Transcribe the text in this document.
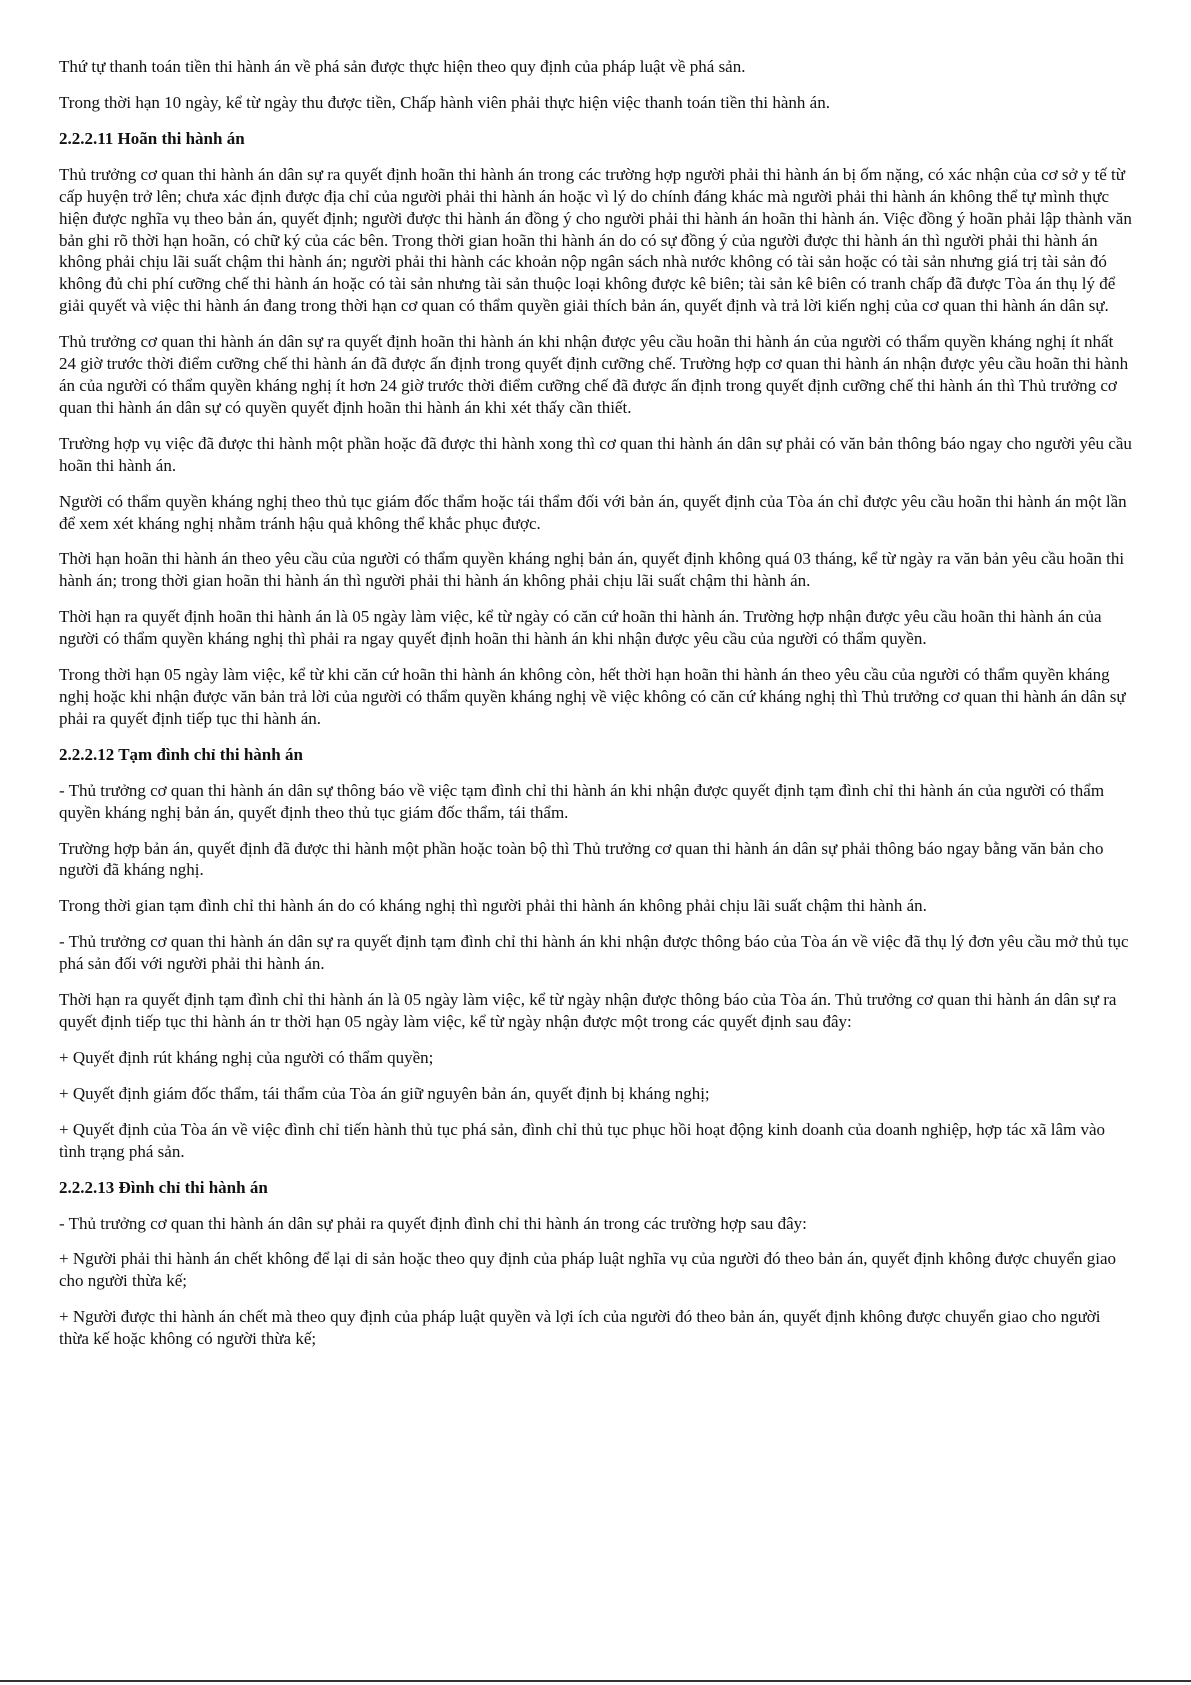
Thứ tự thanh toán tiền thi hành án về phá sản được thực hiện theo quy định của pháp luật về phá sản.

Trong thời hạn 10 ngày, kể từ ngày thu được tiền, Chấp hành viên phải thực hiện việc thanh toán tiền thi hành án.

2.2.2.11 Hoãn thi hành án

Thủ trưởng cơ quan thi hành án dân sự ra quyết định hoãn thi hành án trong các trường hợp người phải thi hành án bị ốm nặng, có xác nhận của cơ sở y tế từ cấp huyện trở lên; chưa xác định được địa chỉ của người phải thi hành án hoặc vì lý do chính đáng khác mà người phải thi hành án không thể tự mình thực hiện được nghĩa vụ theo bản án, quyết định; người được thi hành án đồng ý cho người phải thi hành án hoãn thi hành án. Việc đồng ý hoãn phải lập thành văn bản ghi rõ thời hạn hoãn, có chữ ký của các bên. Trong thời gian hoãn thi hành án do có sự đồng ý của người được thi hành án thì người phải thi hành án không phải chịu lãi suất chậm thi hành án; người phải thi hành các khoản nộp ngân sách nhà nước không có tài sản hoặc có tài sản nhưng giá trị tài sản đó không đủ chi phí cưỡng chế thi hành án hoặc có tài sản nhưng tài sản thuộc loại không được kê biên; tài sản kê biên có tranh chấp đã được Tòa án thụ lý để giải quyết và việc thi hành án đang trong thời hạn cơ quan có thẩm quyền giải thích bản án, quyết định và trả lời kiến nghị của cơ quan thi hành án dân sự.

Thủ trưởng cơ quan thi hành án dân sự ra quyết định hoãn thi hành án khi nhận được yêu cầu hoãn thi hành án của người có thẩm quyền kháng nghị ít nhất 24 giờ trước thời điểm cưỡng chế thi hành án đã được ấn định trong quyết định cưỡng chế. Trường hợp cơ quan thi hành án nhận được yêu cầu hoãn thi hành án của người có thẩm quyền kháng nghị ít hơn 24 giờ trước thời điểm cưỡng chế đã được ấn định trong quyết định cưỡng chế thi hành án thì Thủ trưởng cơ quan thi hành án dân sự có quyền quyết định hoãn thi hành án khi xét thấy cần thiết.

Trường hợp vụ việc đã được thi hành một phần hoặc đã được thi hành xong thì cơ quan thi hành án dân sự phải có văn bản thông báo ngay cho người yêu cầu hoãn thi hành án.

Người có thẩm quyền kháng nghị theo thủ tục giám đốc thẩm hoặc tái thẩm đối với bản án, quyết định của Tòa án chỉ được yêu cầu hoãn thi hành án một lần để xem xét kháng nghị nhằm tránh hậu quả không thể khắc phục được.

Thời hạn hoãn thi hành án theo yêu cầu của người có thẩm quyền kháng nghị bản án, quyết định không quá 03 tháng, kể từ ngày ra văn bản yêu cầu hoãn thi hành án; trong thời gian hoãn thi hành án thì người phải thi hành án không phải chịu lãi suất chậm thi hành án.

Thời hạn ra quyết định hoãn thi hành án là 05 ngày làm việc, kể từ ngày có căn cứ hoãn thi hành án. Trường hợp nhận được yêu cầu hoãn thi hành án của người có thẩm quyền kháng nghị thì phải ra ngay quyết định hoãn thi hành án khi nhận được yêu cầu của người có thẩm quyền.

Trong thời hạn 05 ngày làm việc, kể từ khi căn cứ hoãn thi hành án không còn, hết thời hạn hoãn thi hành án theo yêu cầu của người có thẩm quyền kháng nghị hoặc khi nhận được văn bản trả lời của người có thẩm quyền kháng nghị về việc không có căn cứ kháng nghị thì Thủ trưởng cơ quan thi hành án dân sự phải ra quyết định tiếp tục thi hành án.

2.2.2.12 Tạm đình chỉ thi hành án

- Thủ trưởng cơ quan thi hành án dân sự thông báo về việc tạm đình chỉ thi hành án khi nhận được quyết định tạm đình chỉ thi hành án của người có thẩm quyền kháng nghị bản án, quyết định theo thủ tục giám đốc thẩm, tái thẩm.

Trường hợp bản án, quyết định đã được thi hành một phần hoặc toàn bộ thì Thủ trưởng cơ quan thi hành án dân sự phải thông báo ngay bằng văn bản cho người đã kháng nghị.

Trong thời gian tạm đình chỉ thi hành án do có kháng nghị thì người phải thi hành án không phải chịu lãi suất chậm thi hành án.

- Thủ trưởng cơ quan thi hành án dân sự ra quyết định tạm đình chỉ thi hành án khi nhận được thông báo của Tòa án về việc đã thụ lý đơn yêu cầu mở thủ tục phá sản đối với người phải thi hành án.

Thời hạn ra quyết định tạm đình chỉ thi hành án là 05 ngày làm việc, kể từ ngày nhận được thông báo của Tòa án. Thủ trưởng cơ quan thi hành án dân sự ra quyết định tiếp tục thi hành án tr thời hạn 05 ngày làm việc, kể từ ngày nhận được một trong các quyết định sau đây:

+ Quyết định rút kháng nghị của người có thẩm quyền;

+ Quyết định giám đốc thẩm, tái thẩm của Tòa án giữ nguyên bản án, quyết định bị kháng nghị;

+ Quyết định của Tòa án về việc đình chỉ tiến hành thủ tục phá sản, đình chỉ thủ tục phục hồi hoạt động kinh doanh của doanh nghiệp, hợp tác xã lâm vào tình trạng phá sản.

2.2.2.13 Đình chỉ thi hành án

- Thủ trưởng cơ quan thi hành án dân sự phải ra quyết định đình chỉ thi hành án trong các trường hợp sau đây:

+ Người phải thi hành án chết không để lại di sản hoặc theo quy định của pháp luật nghĩa vụ của người đó theo bản án, quyết định không được chuyển giao cho người thừa kế;

+ Người được thi hành án chết mà theo quy định của pháp luật quyền và lợi ích của người đó theo bản án, quyết định không được chuyển giao cho người thừa kế hoặc không có người thừa kế;
